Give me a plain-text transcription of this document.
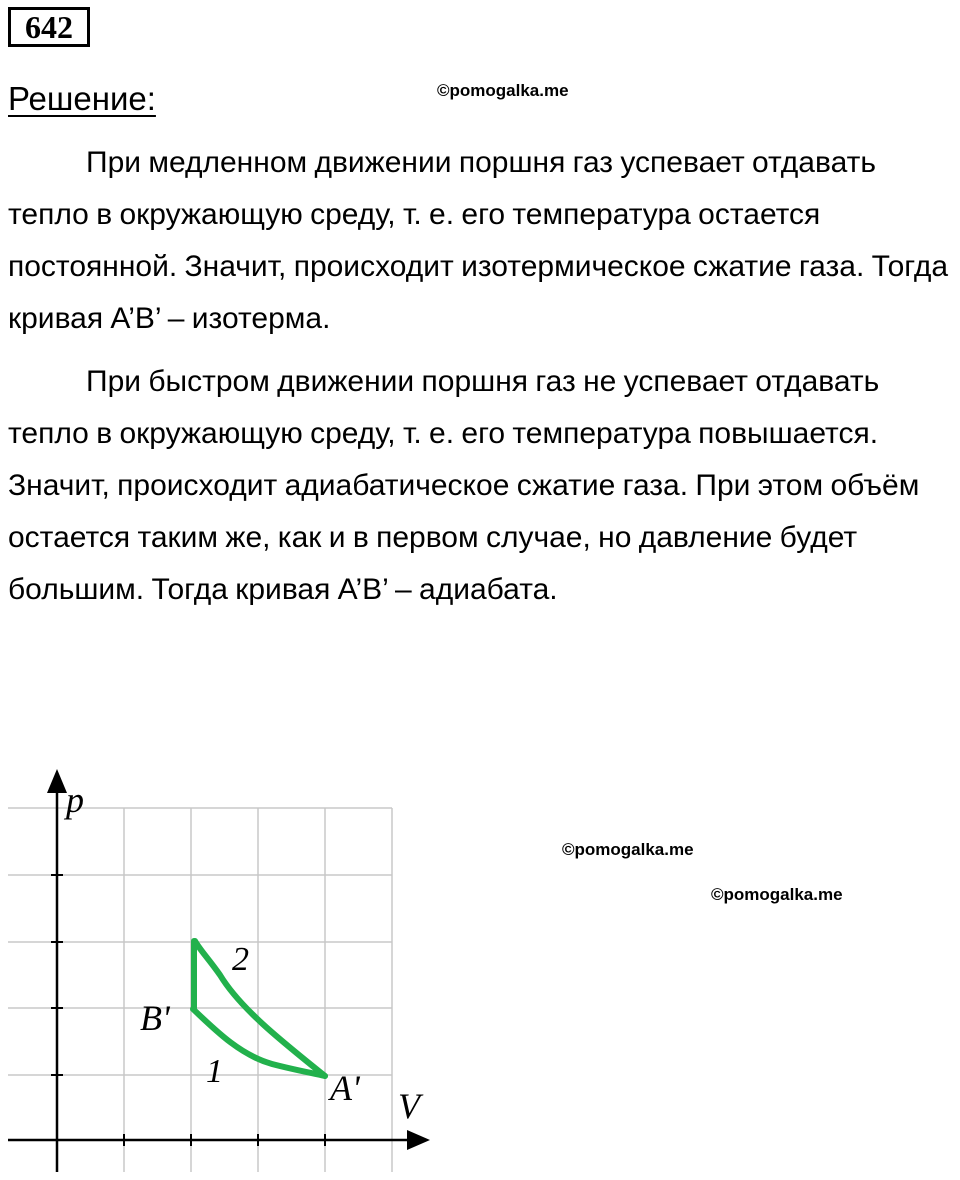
642
Решение:	©pomogalka.me
©pomogalka.me
©pomogalka.me

При медленном движении поршня газ успевает отдавать тепло в окружающую среду, т. е. его температура остается постоянной. Значит, происходит изотермическое сжатие газа. Тогда кривая A’B’ – изотерма.

При быстром движении поршня газ не успевает отдавать тепло в окружающую среду, т. е. его температура повышается. Значит, происходит адиабатическое сжатие газа. При этом объём остается таким же, как и в первом случае, но давление будет большим. Тогда кривая A’B’ – адиабата.

p
V
B'
A'
1
2
